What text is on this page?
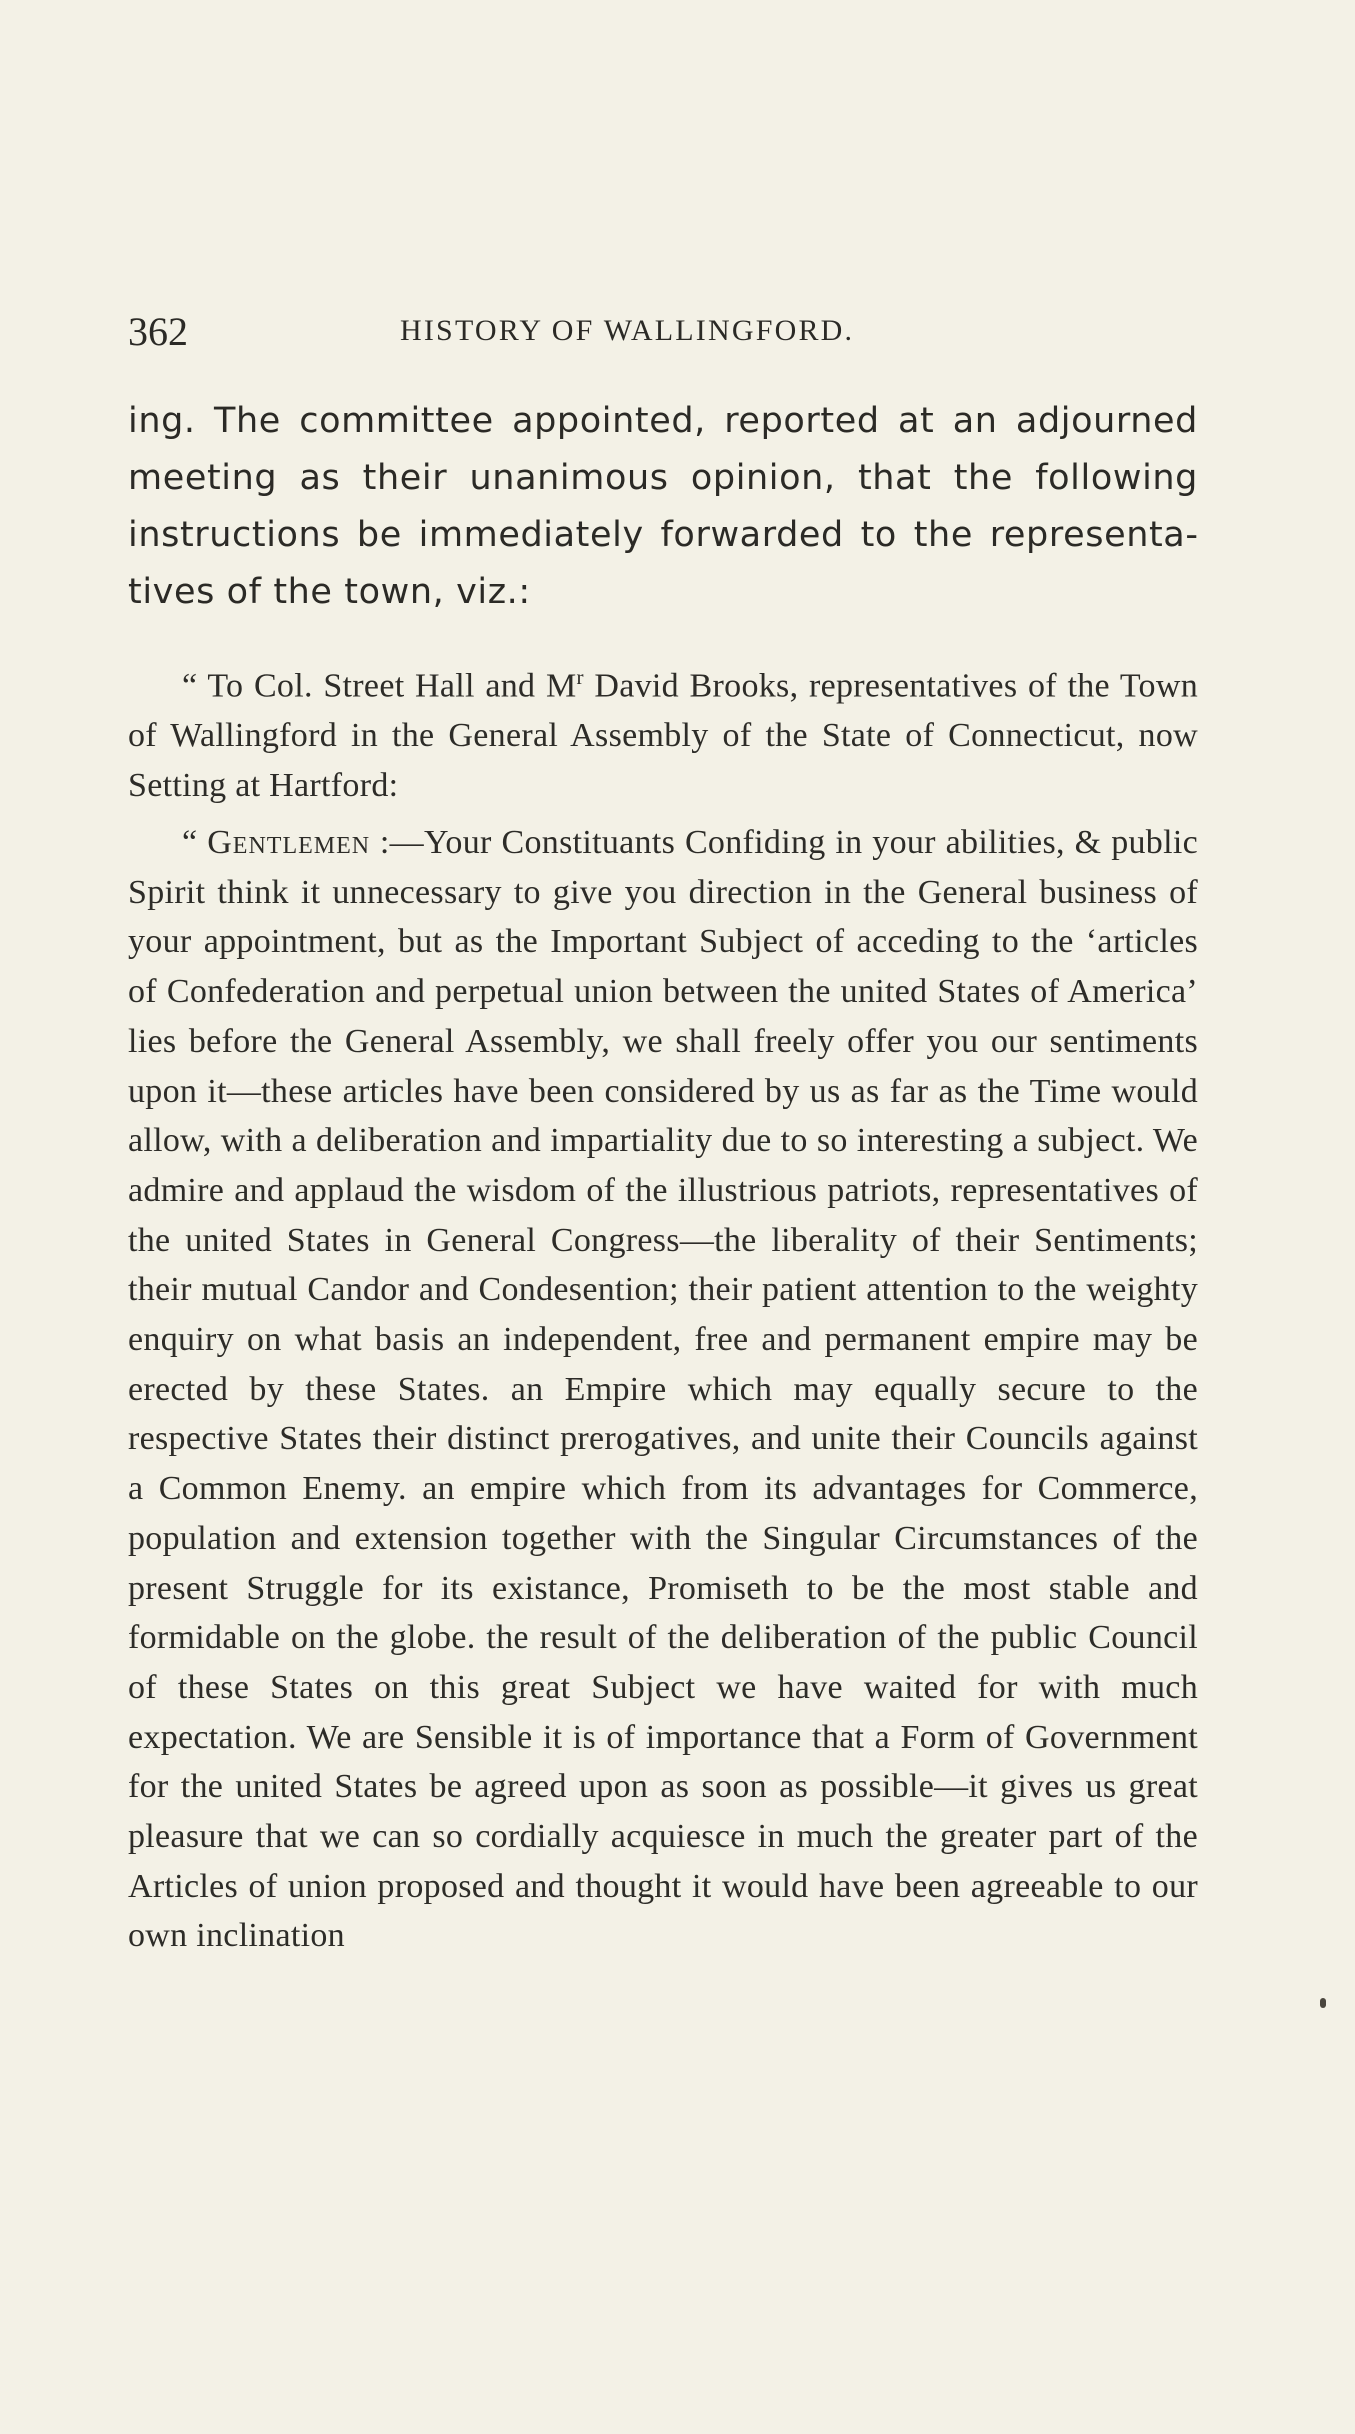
362	HISTORY OF WALLINGFORD.

ing. The committee appointed, reported at an adjourned meeting as their unanimous opinion, that the following instructions be immediately forwarded to the representatives of the town, viz.:

“ To Col. Street Hall and $M^r$ David Brooks, representatives of the Town of Wallingford in the General Assembly of the State of Connecticut, now Setting at Hartford:

“ Gentlemen :—Your Constituants Confiding in your abilities, & public Spirit think it unnecessary to give you direction in the General business of your appointment, but as the Important Subject of acceding to the ‘articles of Confederation and perpetual union between the united States of America’ lies before the General Assembly, we shall freely offer you our sentiments upon it—these articles have been considered by us as far as the Time would allow, with a deliberation and impartiality due to so interesting a subject. We admire and applaud the wisdom of the illustrious patriots, representatives of the united States in General Congress—the liberality of their Sentiments; their mutual Candor and Condesention; their patient attention to the weighty enquiry on what basis an independent, free and permanent empire may be erected by these States. an Empire which may equally secure to the respective States their distinct prerogatives, and unite their Councils against a Common Enemy. an empire which from its advantages for Commerce, population and extension together with the Singular Circumstances of the present Struggle for its existance, Promiseth to be the most stable and formidable on the globe. the result of the deliberation of the public Council of these States on this great Subject we have waited for with much expectation. We are Sensible it is of importance that a Form of Government for the united States be agreed upon as soon as possible—it gives us great pleasure that we can so cordially acquiesce in much the greater part of the Articles of union proposed and thought it would have been agreeable to our own inclination
